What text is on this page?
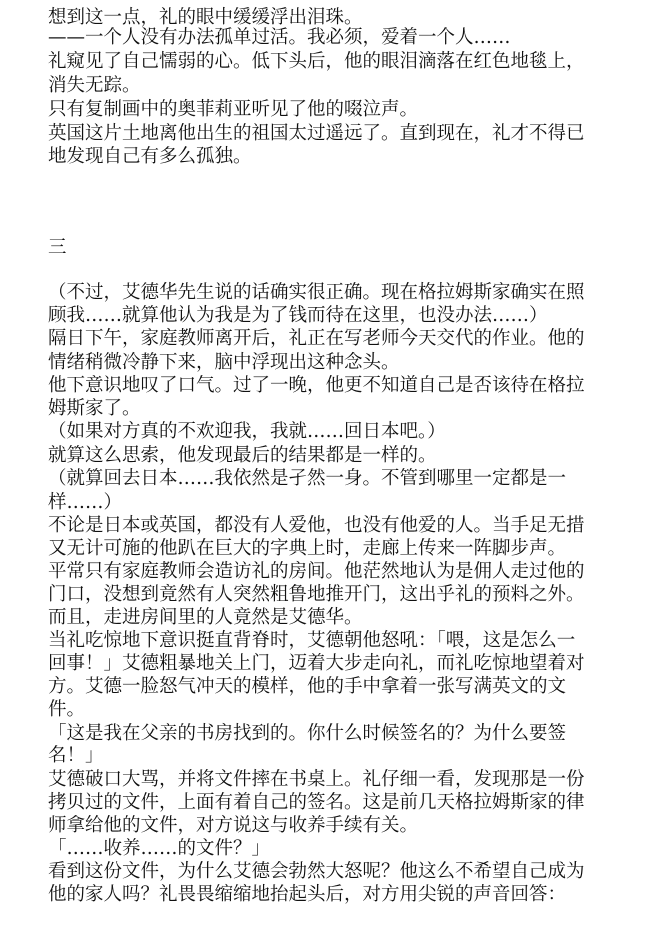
想到这一点，礼的眼中缓缓浮出泪珠。
——一个人没有办法孤单过活。我必须，爱着一个人……
礼窥见了自己懦弱的心。低下头后，他的眼泪滴落在红色地毯上，
消失无踪。
只有复制画中的奥菲莉亚听见了他的啜泣声。
英国这片土地离他出生的祖国太过遥远了。直到现在，礼才不得已
地发现自己有多么孤独。
三
（不过，艾德华先生说的话确实很正确。现在格拉姆斯家确实在照
顾我……就算他认为我是为了钱而待在这里，也没办法……）
隔日下午，家庭教师离开后，礼正在写老师今天交代的作业。他的
情绪稍微冷静下来，脑中浮现出这种念头。
他下意识地叹了口气。过了一晚，他更不知道自己是否该待在格拉
姆斯家了。
（如果对方真的不欢迎我，我就……回日本吧。）
就算这么思索，他发现最后的结果都是一样的。
（就算回去日本……我依然是孑然一身。不管到哪里一定都是一
样……）
不论是日本或英国，都没有人爱他，也没有他爱的人。当手足无措
又无计可施的他趴在巨大的字典上时，走廊上传来一阵脚步声。
平常只有家庭教师会造访礼的房间。他茫然地认为是佣人走过他的
门口，没想到竟然有人突然粗鲁地推开门，这出乎礼的预料之外。
而且，走进房间里的人竟然是艾德华。
当礼吃惊地下意识挺直背脊时，艾德朝他怒吼：「喂，这是怎么一
回事！」艾德粗暴地关上门，迈着大步走向礼，而礼吃惊地望着对
方。艾德一脸怒气冲天的模样，他的手中拿着一张写满英文的文
件。
「这是我在父亲的书房找到的。你什么时候签名的？为什么要签
名！」
艾德破口大骂，并将文件摔在书桌上。礼仔细一看，发现那是一份
拷贝过的文件，上面有着自己的签名。这是前几天格拉姆斯家的律
师拿给他的文件，对方说这与收养手续有关。
「……收养……的文件？」
看到这份文件，为什么艾德会勃然大怒呢？他这么不希望自己成为
他的家人吗？礼畏畏缩缩地抬起头后，对方用尖锐的声音回答：
